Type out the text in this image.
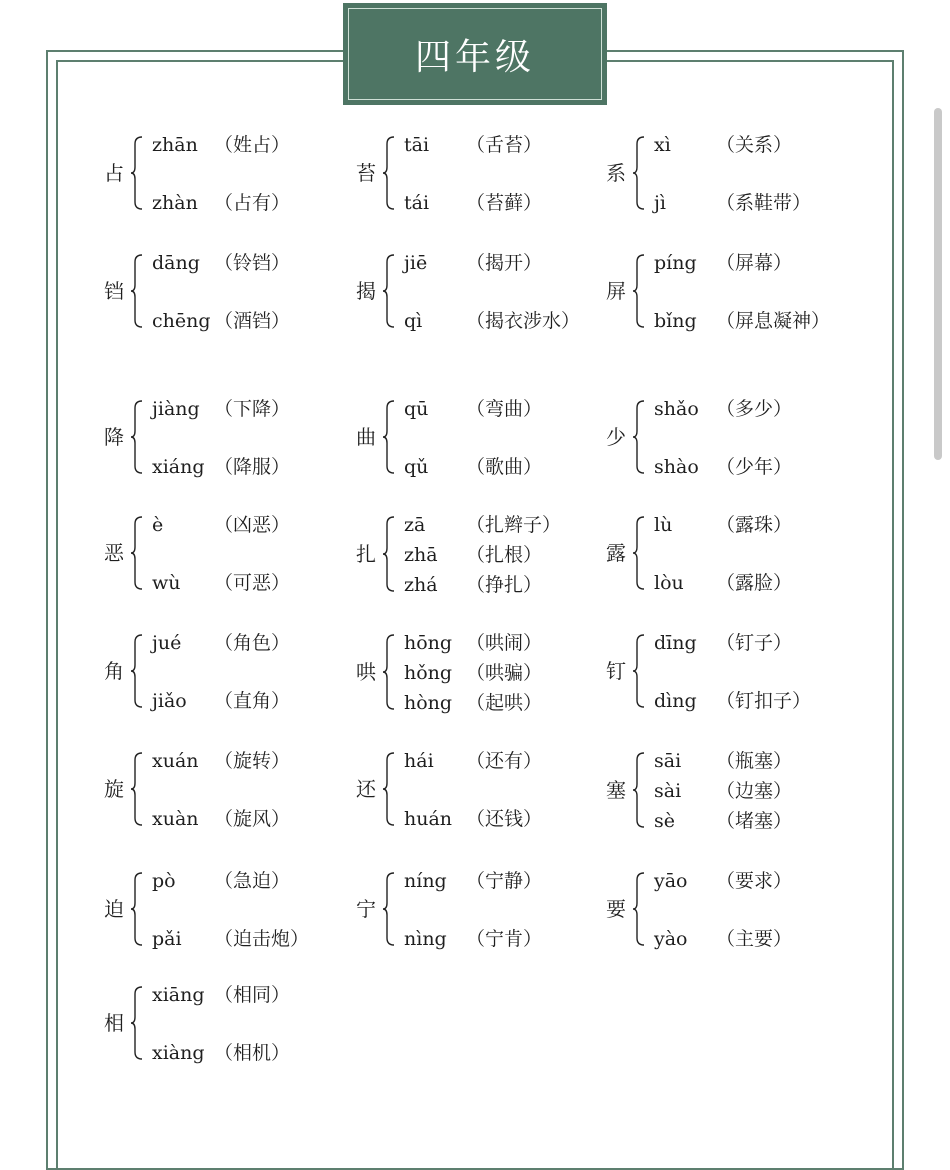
四年级
占
zhān （姓占）
zhàn （占有）
苔
tāi （舌苔）
tái （苔藓）
系
xì （关系）
jì	（系鞋带）
铛
dāng （铃铛）
chēng （酒铛）
揭
jiē （揭开）
qì （揭衣涉水）
屏
píng （屏幕）
bǐng （屏息凝神）
降
jiàng （下降）
xiáng （降服）
曲
qū （弯曲）
qǔ （歌曲）
少
shǎo （多少）
shào （少年）
恶
è	（凶恶）
wù （可恶）
扎
zā （扎辫子）
zhā （扎根）
zhá （挣扎）
露
lù （露珠）
lòu （露脸）
角
jué （角色）
jiǎo （直角）
哄
hōng （哄闹）
hǒng （哄骗）
hòng （起哄）
钉
dīng （钉子）
dìng （钉扣子）
旋
xuán （旋转）
xuàn （旋风）
还
hái （还有）
huán （还钱）
塞
sāi （瓶塞）
sài （边塞）
sè （堵塞）
迫
pò （急迫）
pǎi （迫击炮）
宁
níng （宁静）
nìng （宁肯）
要
yāo （要求）
yào （主要）
相
xiāng （相同）
xiàng （相机）
